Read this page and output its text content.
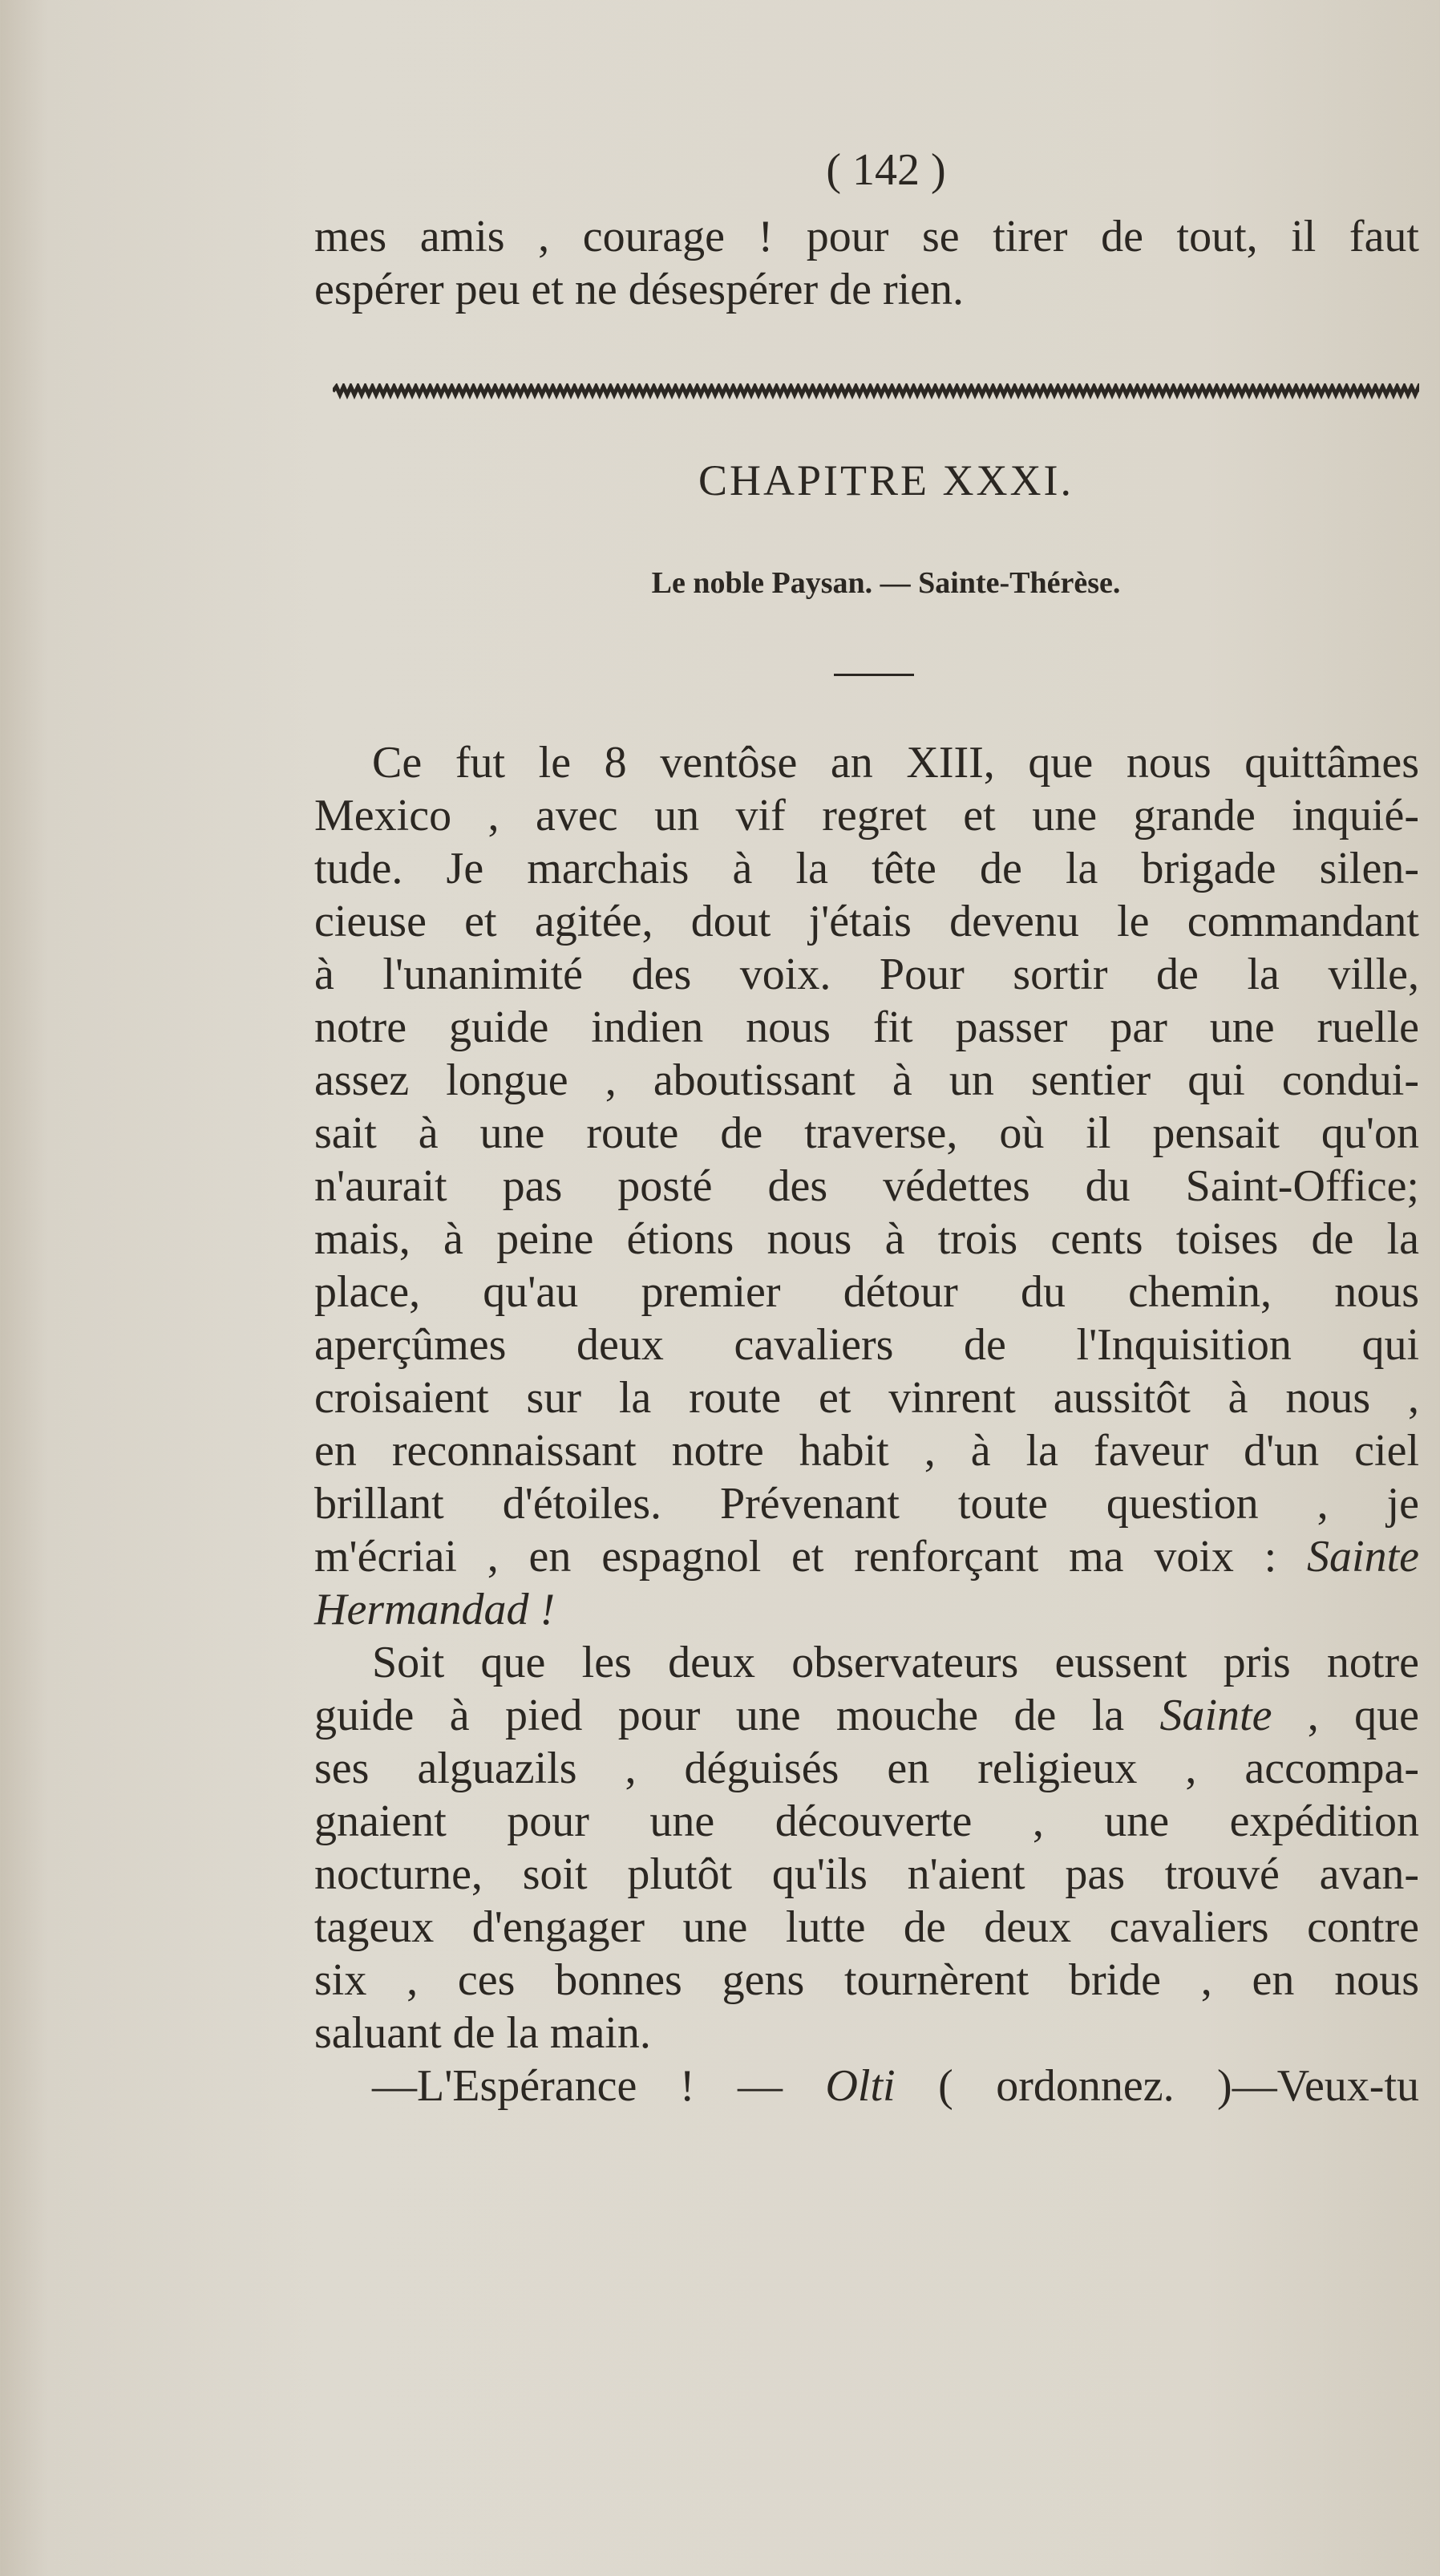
( 142 )
mes amis , courage ! pour se tirer de tout, il faut
espérer peu et ne désespérer de rien.
CHAPITRE XXXI.
Le noble Paysan. — Sainte-Thérèse.
Ce fut le 8 ventôse an XIII, que nous quittâmes
Mexico , avec un vif regret et une grande inquié-
tude. Je marchais à la tête de la brigade silen-
cieuse et agitée, dout j'étais devenu le commandant
à l'unanimité des voix. Pour sortir de la ville,
notre guide indien nous fit passer par une ruelle
assez longue , aboutissant à un sentier qui condui-
sait à une route de traverse, où il pensait qu'on
n'aurait pas posté des védettes du Saint-Office;
mais, à peine étions nous à trois cents toises de la
place, qu'au premier détour du chemin, nous
aperçûmes deux cavaliers de l'Inquisition qui
croisaient sur la route et vinrent aussitôt à nous ,
en reconnaissant notre habit , à la faveur d'un ciel
brillant d'étoiles. Prévenant toute question , je
m'écriai , en espagnol et renforçant ma voix : Sainte
Hermandad !
Soit que les deux observateurs eussent pris notre
guide à pied pour une mouche de la Sainte , que
ses alguazils , déguisés en religieux , accompa-
gnaient pour une découverte , une expédition
nocturne, soit plutôt qu'ils n'aient pas trouvé avan-
tageux d'engager une lutte de deux cavaliers contre
six , ces bonnes gens tournèrent bride , en nous
saluant de la main.
—L'Espérance ! — Olti ( ordonnez. )—Veux-tu
